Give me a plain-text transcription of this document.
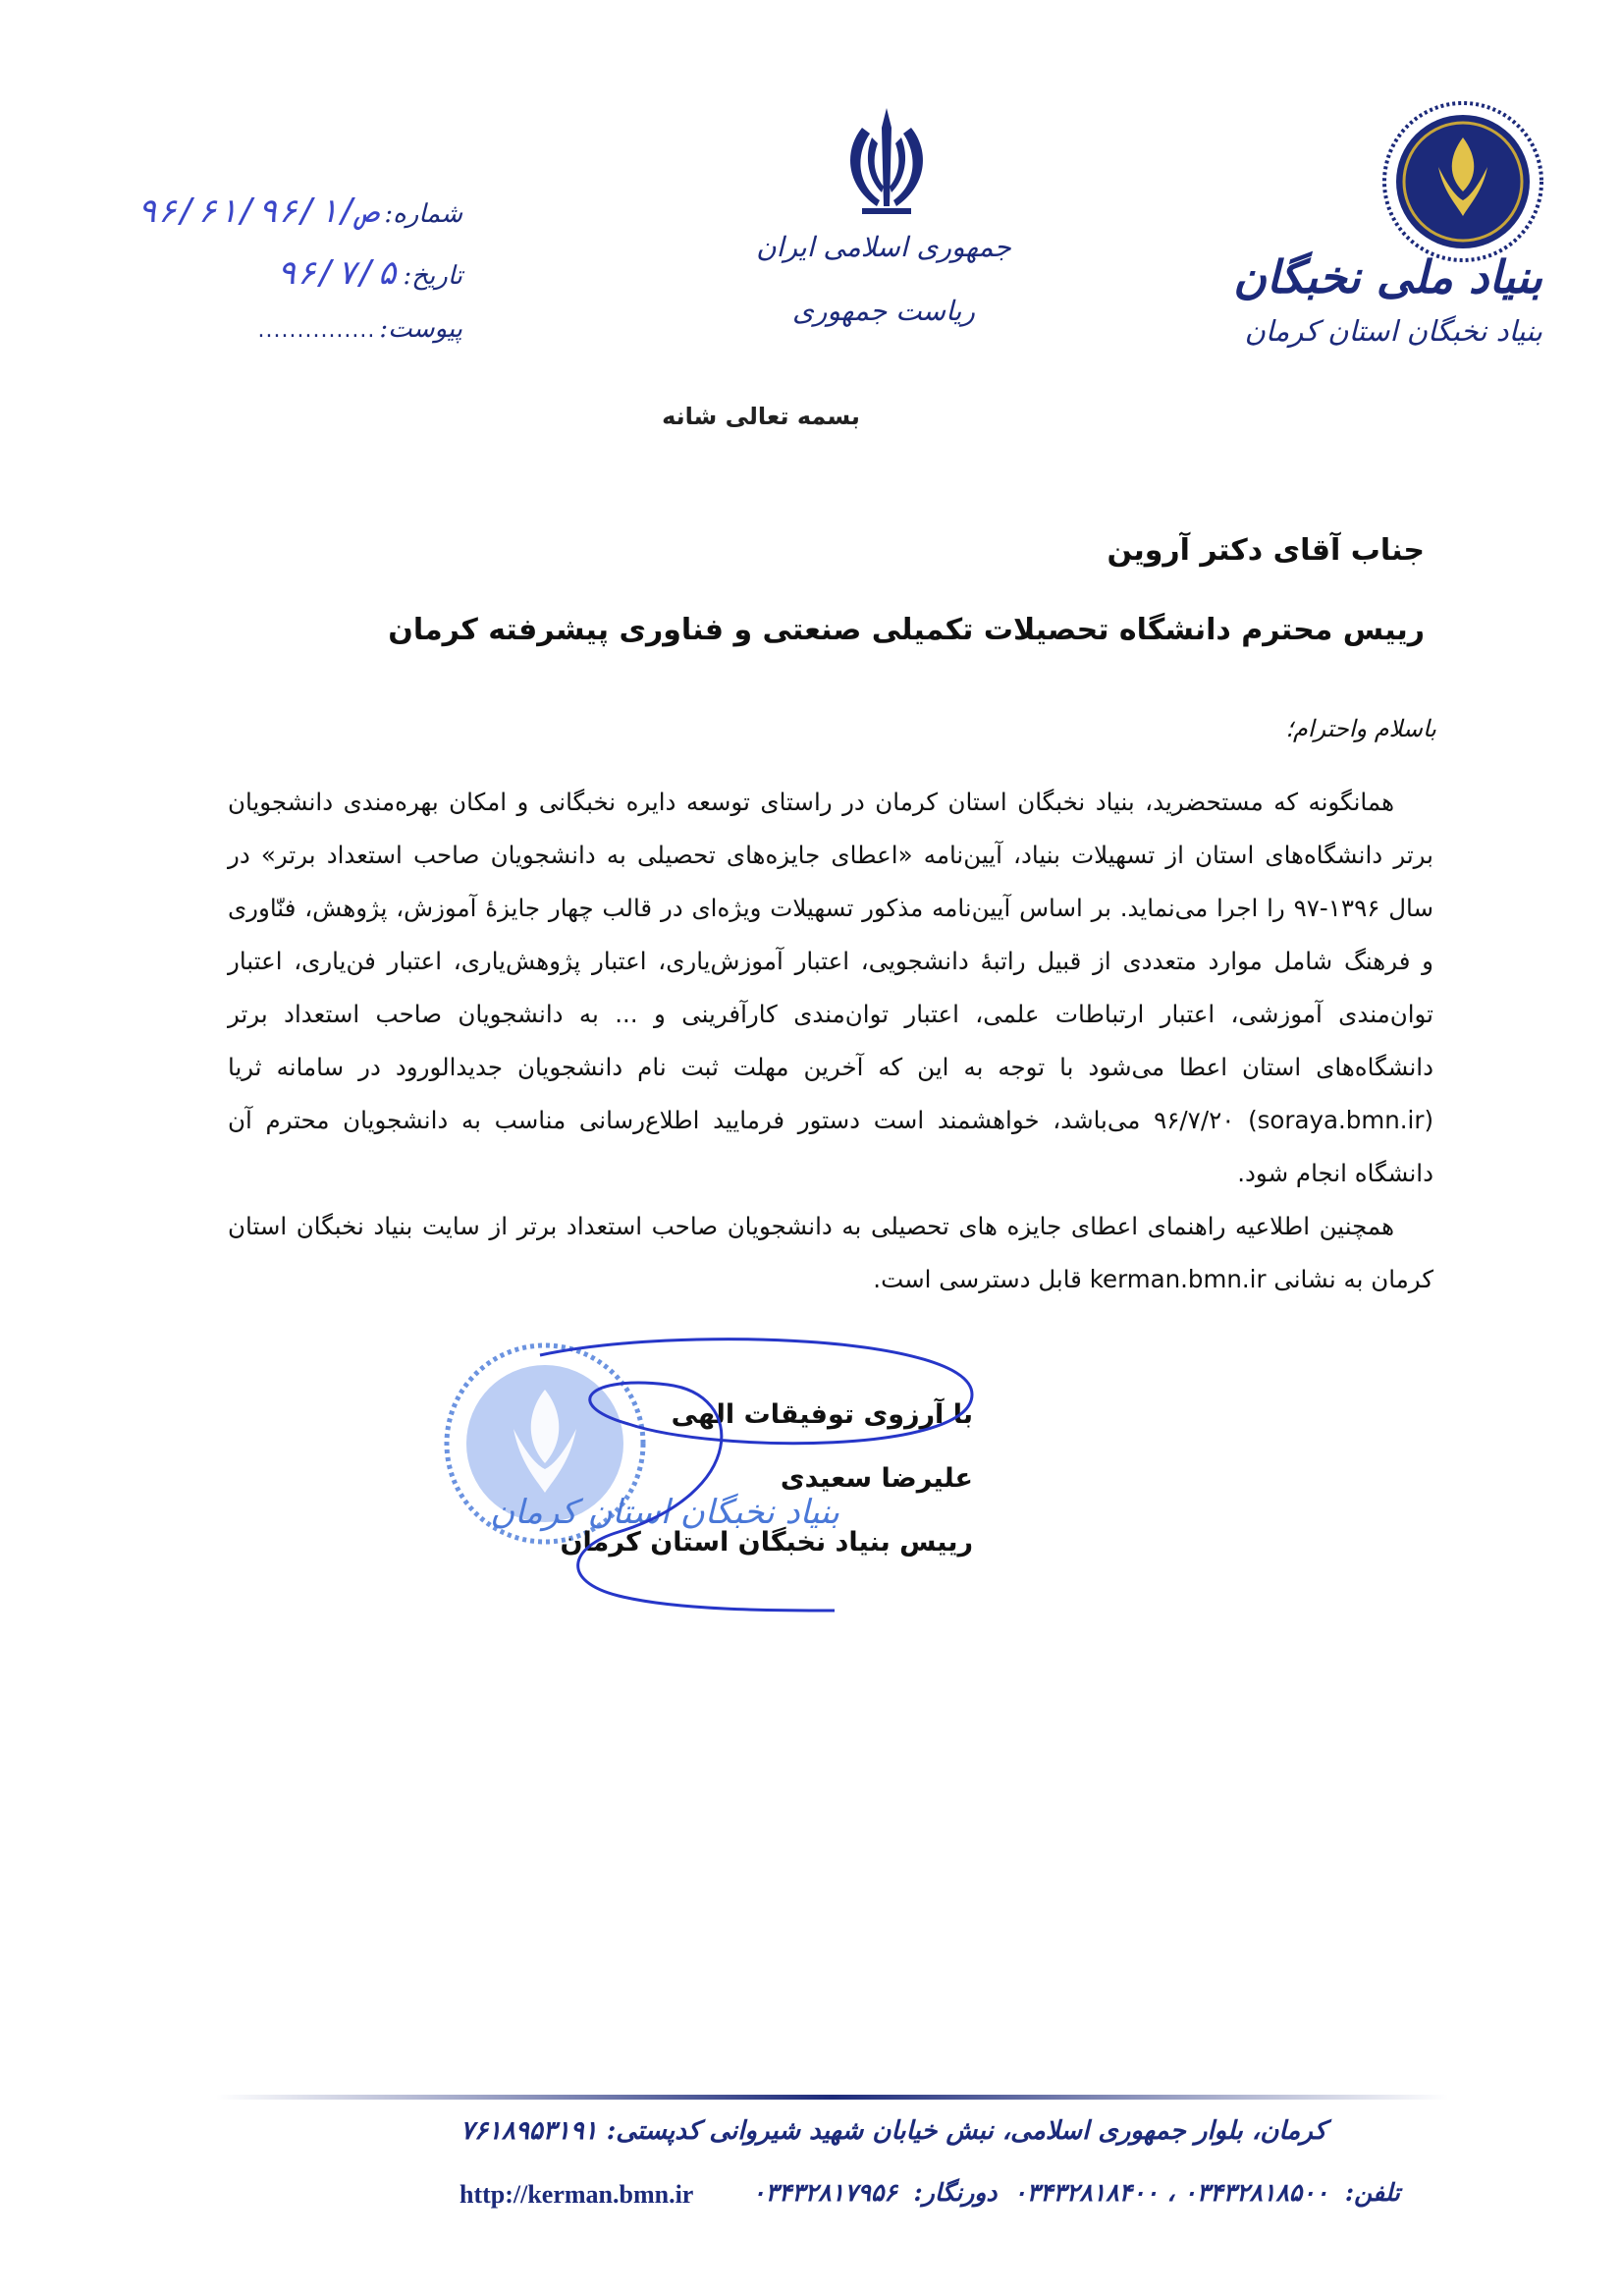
بنیاد ملی نخبگان
بنیاد نخبگان استان کرمان
جمهوری اسلامی ایران
ریاست جمهوری
شماره:
۹۶/۶۱/ص/۹۶/۱
تاریخ:
۹۶/۷/۵
پیوست:
...............
بسمه تعالی شانه
جناب آقای دکتر آروین
رییس محترم دانشگاه تحصیلات تکمیلی صنعتی و فناوری پیشرفته کرمان
باسلام واحترام؛

همانگونه که مستحضرید، بنیاد نخبگان استان کرمان در راستای توسعه دایره نخبگانی و امکان بهره‌مندی دانشجویان برتر دانشگاه‌های استان از تسهیلات بنیاد، آیین‌نامه «اعطای جایزه‌های تحصیلی به دانشجویان صاحب استعداد برتر» در سال ۱۳۹۶-۹۷ را اجرا می‌نماید. بر اساس آیین‌نامه مذکور تسهیلات ویژه‌ای در قالب چهار جایزهٔ آموزش، پژوهش، فنّاوری و فرهنگ شامل موارد متعددی از قبیل راتبهٔ دانشجویی، اعتبار آموزش‌یاری، اعتبار پژوهش‌یاری، اعتبار فن‌یاری، اعتبار توان‌مندی آموزشی، اعتبار ارتباطات علمی، اعتبار توان‌مندی کارآفرینی و ... به دانشجویان صاحب استعداد برتر دانشگاه‌های استان اعطا می‌شود با توجه به این که آخرین مهلت ثبت نام دانشجویان جدیدالورود در سامانه ثریا (soraya.bmn.ir) ۹۶/۷/۲۰ می‌باشد، خواهشمند است دستور فرمایید اطلاع‌رسانی مناسب به دانشجویان محترم آن دانشگاه انجام شود.

همچنین اطلاعیه راهنمای اعطای جایزه های تحصیلی به دانشجویان صاحب استعداد برتر از سایت بنیاد نخبگان استان کرمان به نشانی kerman.bmn.ir قابل دسترسی است.

بنیاد نخبگان استان کرمان
با آرزوی توفیقات الهی
علیرضا سعیدی
رییس بنیاد نخبگان استان کرمان
کرمان، بلوار جمهوری اسلامی، نبش خیابان شهید شیروانی کدپستی: ۷۶۱۸۹۵۳۱۹۱
تلفن: ۰۳۴۳۲۸۱۸۵۰۰ ، ۰۳۴۳۲۸۱۸۴۰۰ دورنگار: ۰۳۴۳۲۸۱۷۹۵۶
http://kerman.bmn.ir
